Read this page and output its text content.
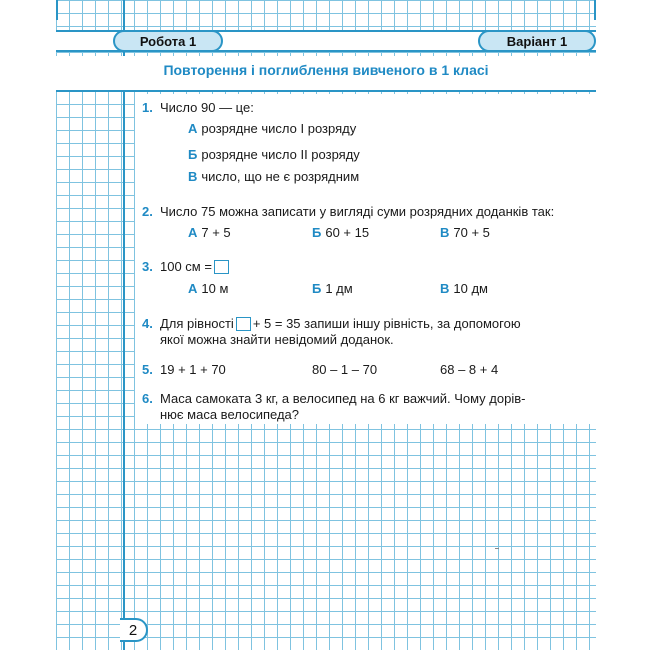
Робота 1	Варіант 1
Повторення і поглиблення вивченого в 1 класі
1. Число 90 — це:
А розрядне число І розряду
Б розрядне число ІІ розряду
В число, що не є розрядним
2. Число 75 можна записати у вигляді суми розрядних доданків так:
А 7 + 5	Б 60 + 15	В 70 + 5
3. 100 см =
А 10 м	Б 1 дм	В 10 дм
4. Для рівності + 5 = 35 запиши іншу рівність, за допомогою
якої можна знайти невідомий доданок.
5. 19 + 1 + 70	80 – 1 – 70	68 – 8 + 4
6. Маса самоката 3 кг, а велосипед на 6 кг важчий. Чому дорів-
нює маса велосипеда?
2
